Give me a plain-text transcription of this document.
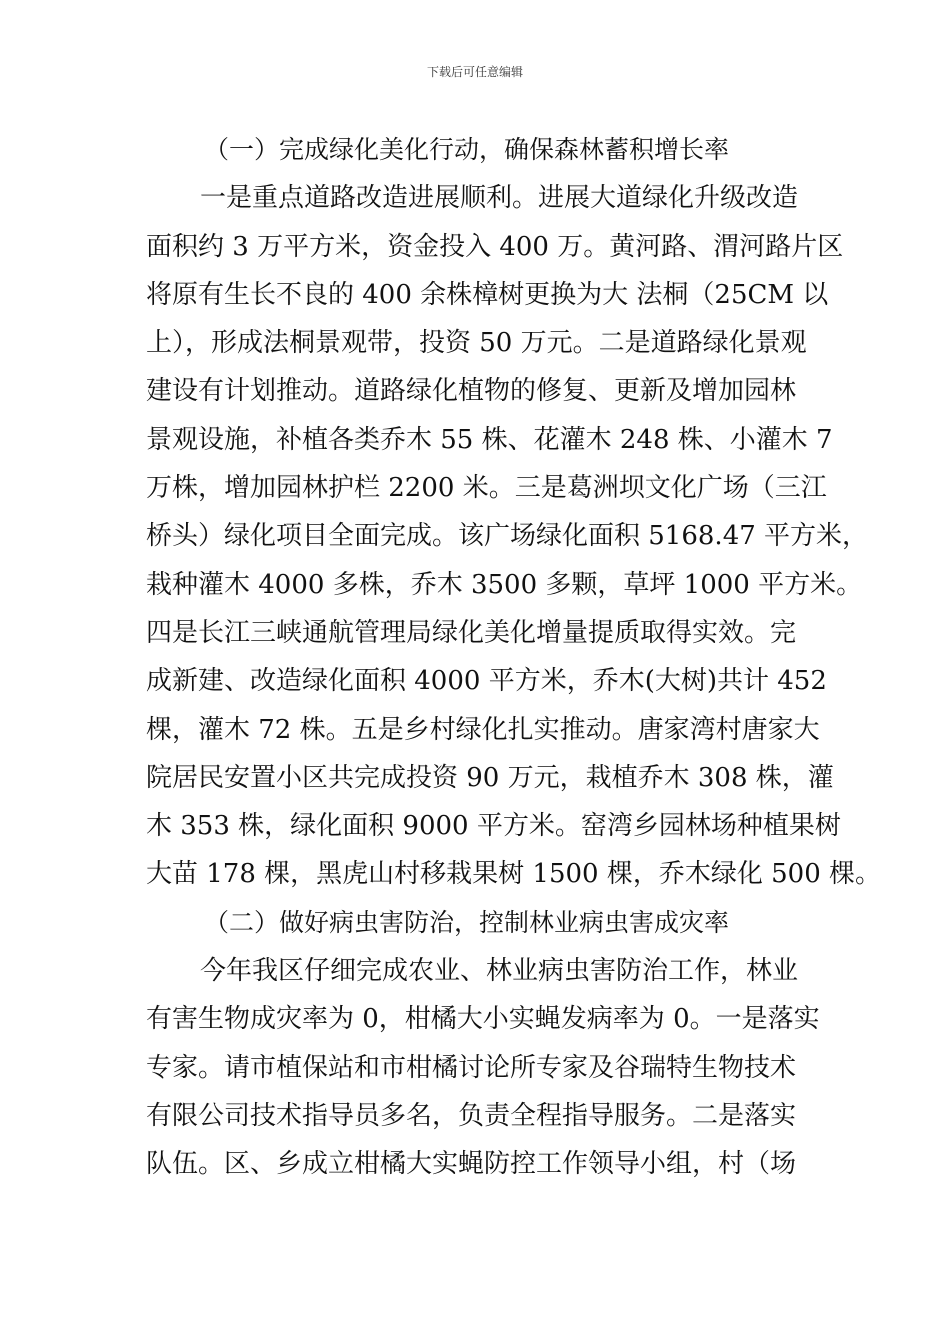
下载后可任意编辑
（一）完成绿化美化行动，确保森林蓄积增长率
一是重点道路改造进展顺利。进展大道绿化升级改造
面积约 3 万平方米，资金投入 400 万。黄河路、渭河路片区
将原有生长不良的 400 余株樟树更换为大 法桐（25CM 以
上），形成法桐景观带，投资 50 万元。二是道路绿化景观
建设有计划推动。道路绿化植物的修复、更新及增加园林
景观设施，补植各类乔木 55 株、花灌木 248 株、小灌木 7
万株，增加园林护栏 2200 米。三是葛洲坝文化广场（三江
桥头）绿化项目全面完成。该广场绿化面积 5168.47 平方米，
栽种灌木 4000 多株，乔木 3500 多颗，草坪 1000 平方米。
四是长江三峡通航管理局绿化美化增量提质取得实效。完
成新建、改造绿化面积 4000 平方米，乔木(大树)共计 452
棵，灌木 72 株。五是乡村绿化扎实推动。唐家湾村唐家大
院居民安置小区共完成投资 90 万元，栽植乔木 308 株，灌
木 353 株，绿化面积 9000 平方米。窑湾乡园林场种植果树
大苗 178 棵，黑虎山村移栽果树 1500 棵，乔木绿化 500 棵。
（二）做好病虫害防治，控制林业病虫害成灾率
今年我区仔细完成农业、林业病虫害防治工作，林业
有害生物成灾率为 0，柑橘大小实蝇发病率为 0。一是落实
专家。请市植保站和市柑橘讨论所专家及谷瑞特生物技术
有限公司技术指导员多名，负责全程指导服务。二是落实
队伍。区、乡成立柑橘大实蝇防控工作领导小组，村（场
